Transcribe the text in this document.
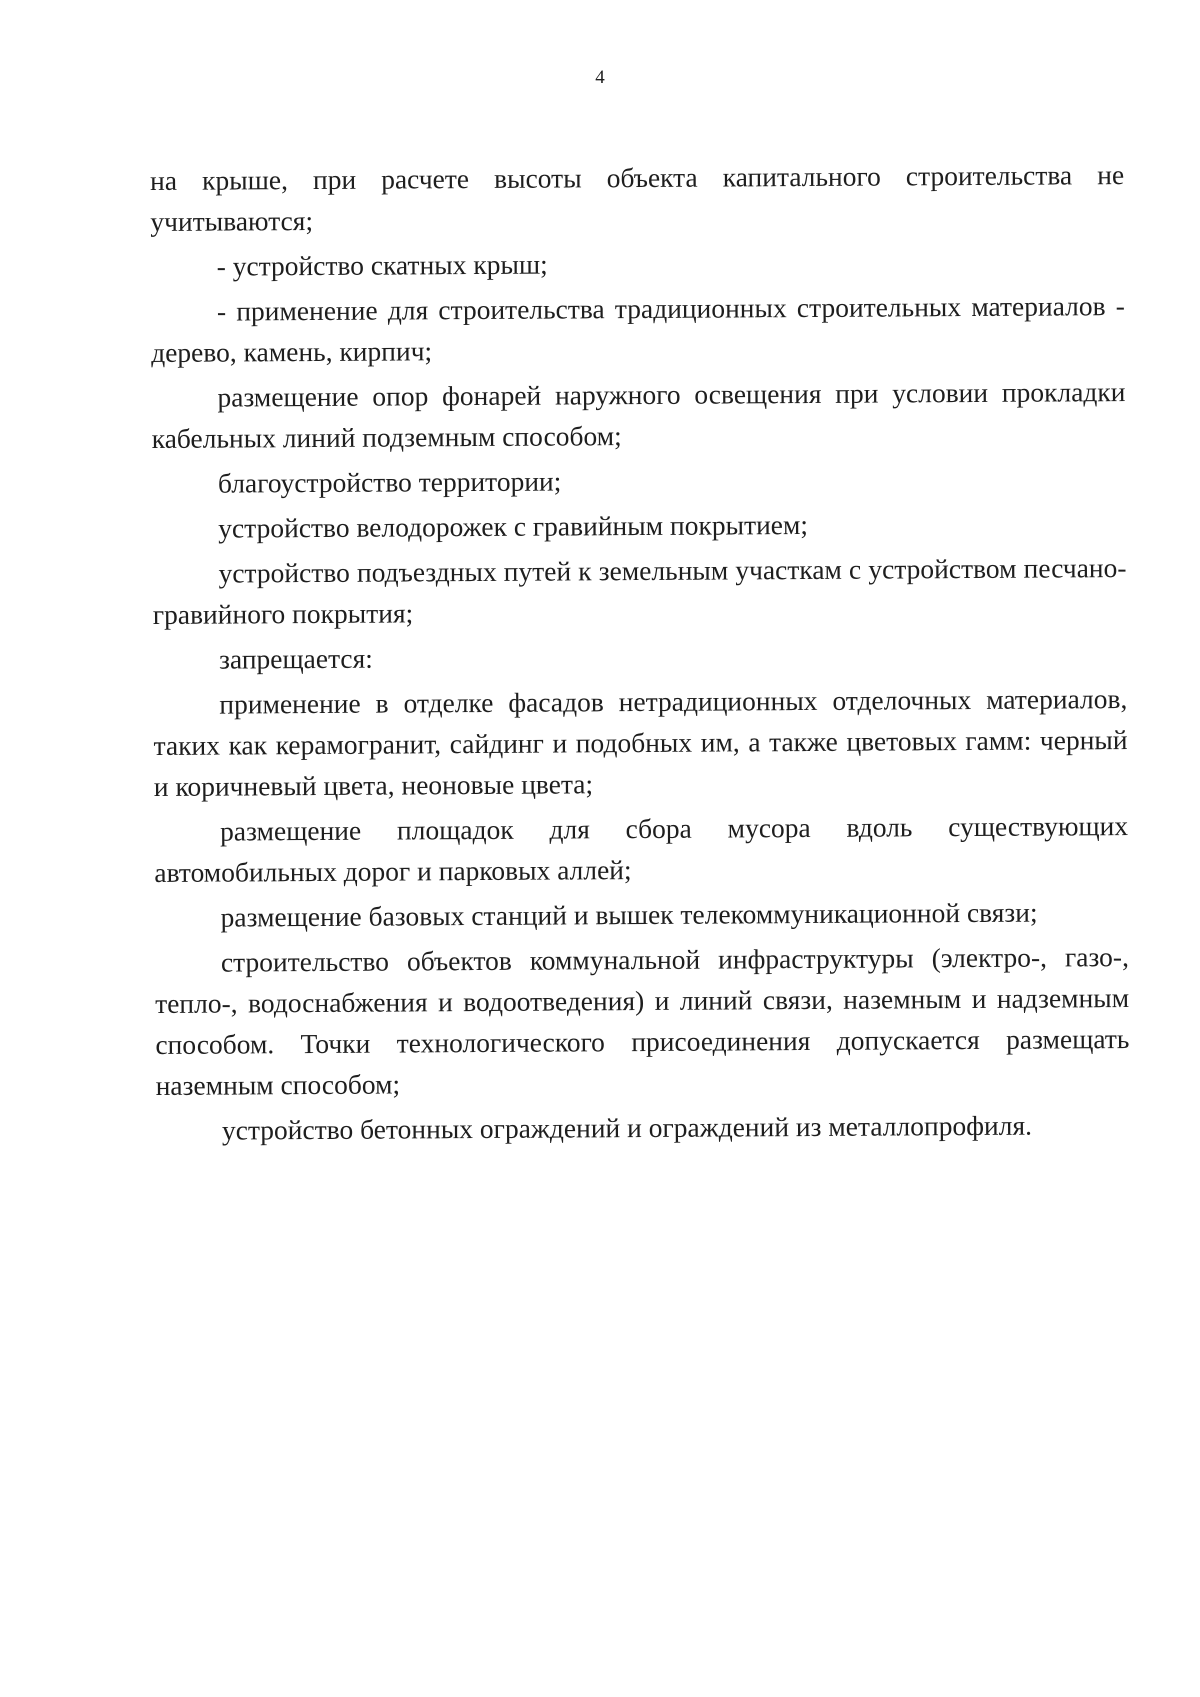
4

на крыше, при расчете высоты объекта капитального строительства не учитываются;

- устройство скатных крыш;

- применение для строительства традиционных строительных материалов - дерево, камень, кирпич;

размещение опор фонарей наружного освещения при условии прокладки кабельных линий подземным способом;

благоустройство территории;

устройство велодорожек с гравийным покрытием;

устройство подъездных путей к земельным участкам с устройством песчано-гравийного покрытия;

запрещается:

применение в отделке фасадов нетрадиционных отделочных материалов, таких как керамогранит, сайдинг и подобных им, а также цветовых гамм: черный и коричневый цвета, неоновые цвета;

размещение площадок для сбора мусора вдоль существующих автомобильных дорог и парковых аллей;

размещение базовых станций и вышек телекоммуникационной связи;

строительство объектов коммунальной инфраструктуры (электро-, газо-, тепло-, водоснабжения и водоотведения) и линий связи, наземным и надземным способом. Точки технологического присоединения допускается размещать наземным способом;

устройство бетонных ограждений и ограждений из металлопрофиля.
